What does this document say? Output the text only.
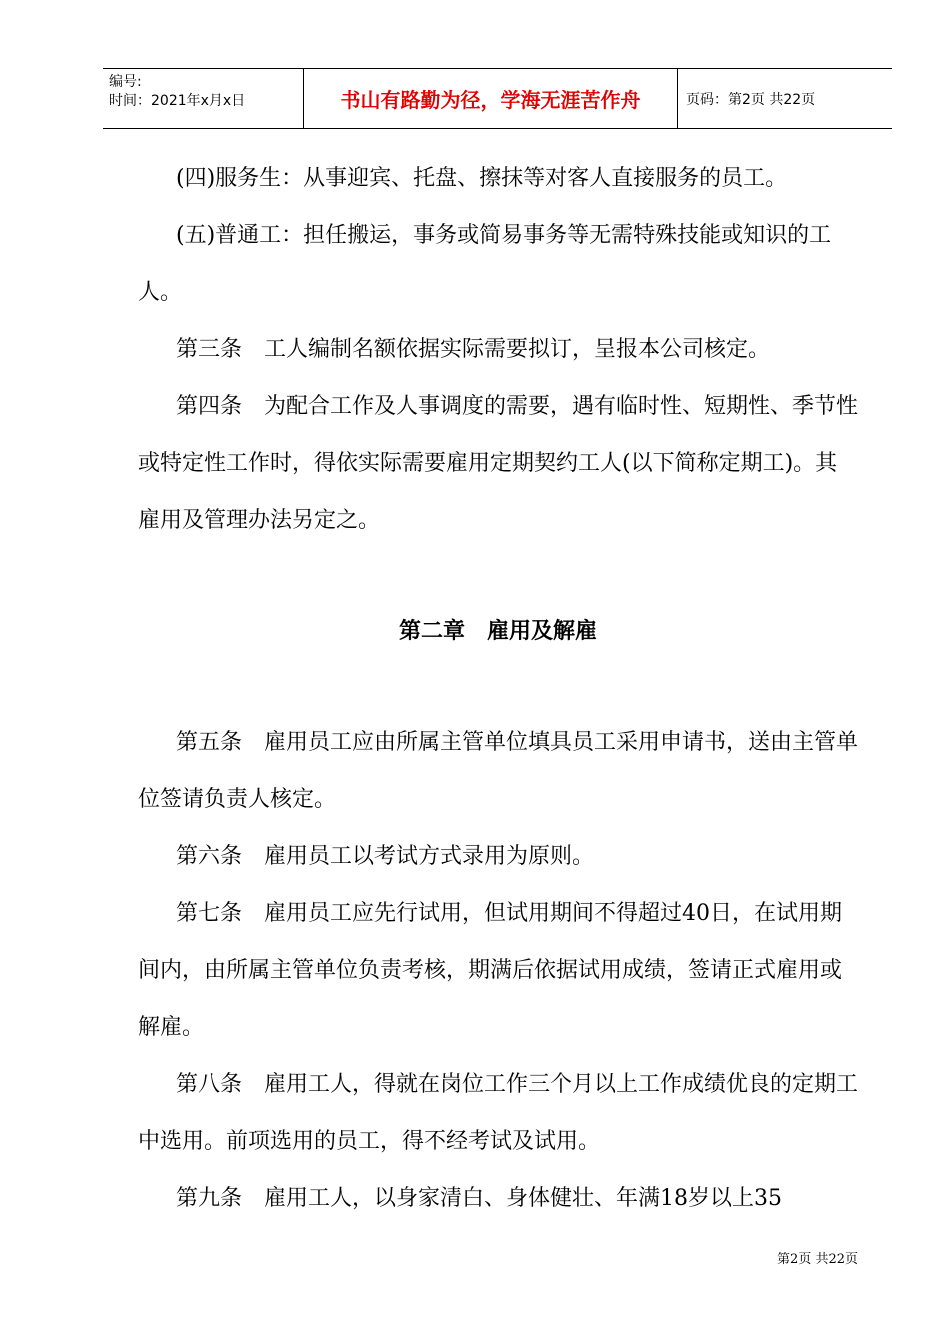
编号:
时间：2021年x月x日	书山有路勤为径，学海无涯苦作舟	页码：第2页 共22页

(四)服务生：从事迎宾、托盘、擦抹等对客人直接服务的员工。

(五)普通工：担任搬运，事务或简易事务等无需特殊技能或知识的工人。

第三条　工人编制名额依据实际需要拟订，呈报本公司核定。

第四条　为配合工作及人事调度的需要，遇有临时性、短期性、季节性或特定性工作时，得依实际需要雇用定期契约工人(以下简称定期工)。其雇用及管理办法另定之。

第二章　雇用及解雇

第五条　雇用员工应由所属主管单位填具员工采用申请书，送由主管单位签请负责人核定。

第六条　雇用员工以考试方式录用为原则。

第七条　雇用员工应先行试用，但试用期间不得超过40日，在试用期间内，由所属主管单位负责考核，期满后依据试用成绩，签请正式雇用或解雇。

第八条　雇用工人，得就在岗位工作三个月以上工作成绩优良的定期工中选用。前项选用的员工，得不经考试及试用。

第九条　雇用工人，以身家清白、身体健壮、年满18岁以上35

第2页 共22页
